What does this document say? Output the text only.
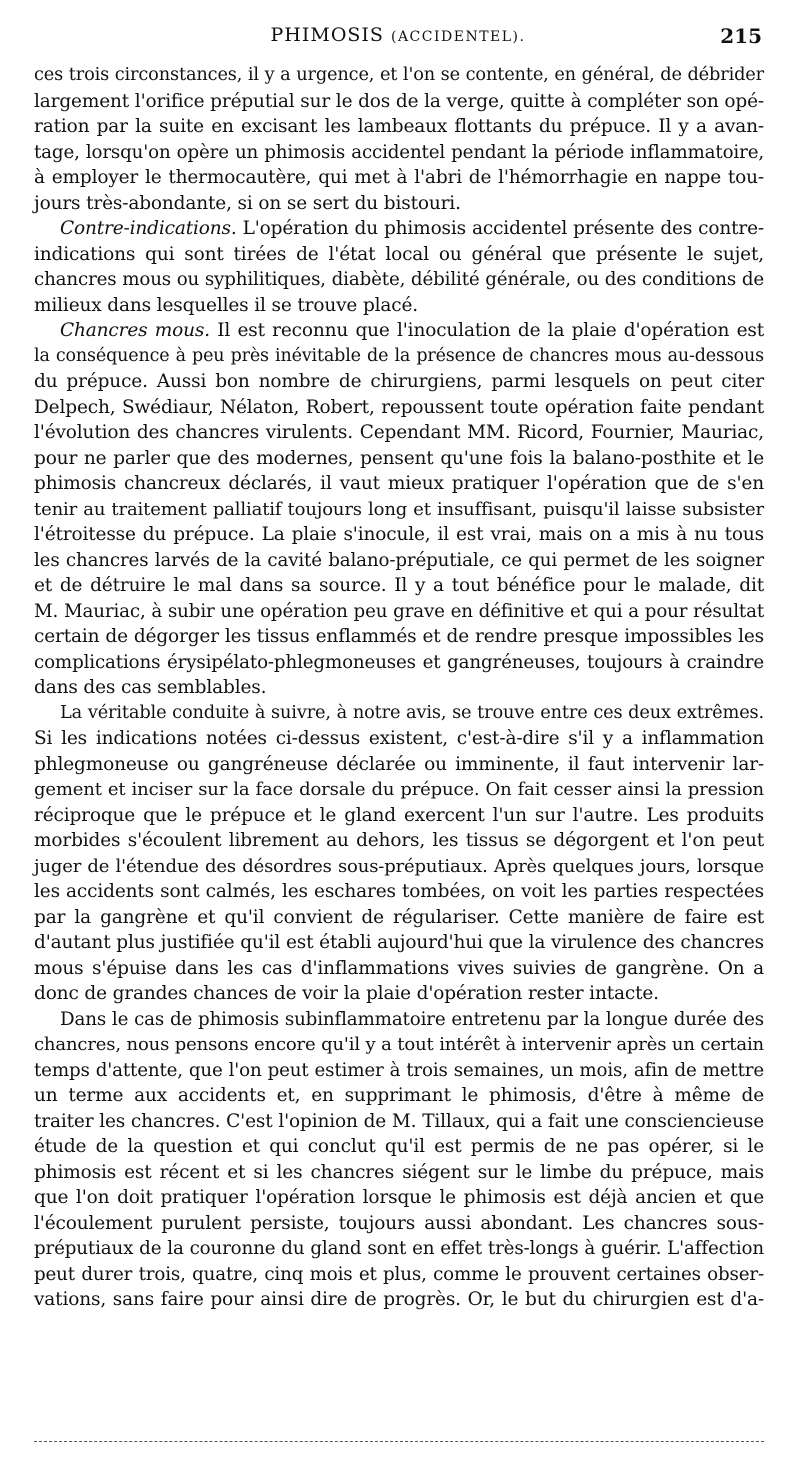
PHIMOSIS (ACCIDENTEL).	215
ces trois circonstances, il y a urgence, et l'on se contente, en général, de débrider
largement l'orifice préputial sur le dos de la verge, quitte à compléter son opé-
ration par la suite en excisant les lambeaux flottants du prépuce. Il y a avan-
tage, lorsqu'on opère un phimosis accidentel pendant la période inflammatoire,
à employer le thermocautère, qui met à l'abri de l'hémorrhagie en nappe tou-
jours très-abondante, si on se sert du bistouri.
Contre-indications. L'opération du phimosis accidentel présente des contre-
indications qui sont tirées de l'état local ou général que présente le sujet,
chancres mous ou syphilitiques, diabète, débilité générale, ou des conditions de
milieux dans lesquelles il se trouve placé.
Chancres mous. Il est reconnu que l'inoculation de la plaie d'opération est
la conséquence à peu près inévitable de la présence de chancres mous au-dessous
du prépuce. Aussi bon nombre de chirurgiens, parmi lesquels on peut citer
Delpech, Swédiaur, Nélaton, Robert, repoussent toute opération faite pendant
l'évolution des chancres virulents. Cependant MM. Ricord, Fournier, Mauriac,
pour ne parler que des modernes, pensent qu'une fois la balano-posthite et le
phimosis chancreux déclarés, il vaut mieux pratiquer l'opération que de s'en
tenir au traitement palliatif toujours long et insuffisant, puisqu'il laisse subsister
l'étroitesse du prépuce. La plaie s'inocule, il est vrai, mais on a mis à nu tous
les chancres larvés de la cavité balano-préputiale, ce qui permet de les soigner
et de détruire le mal dans sa source. Il y a tout bénéfice pour le malade, dit
M. Mauriac, à subir une opération peu grave en définitive et qui a pour résultat
certain de dégorger les tissus enflammés et de rendre presque impossibles les
complications érysipélato-phlegmoneuses et gangréneuses, toujours à craindre
dans des cas semblables.
La véritable conduite à suivre, à notre avis, se trouve entre ces deux extrêmes.
Si les indications notées ci-dessus existent, c'est-à-dire s'il y a inflammation
phlegmoneuse ou gangréneuse déclarée ou imminente, il faut intervenir lar-
gement et inciser sur la face dorsale du prépuce. On fait cesser ainsi la pression
réciproque que le prépuce et le gland exercent l'un sur l'autre. Les produits
morbides s'écoulent librement au dehors, les tissus se dégorgent et l'on peut
juger de l'étendue des désordres sous-préputiaux. Après quelques jours, lorsque
les accidents sont calmés, les eschares tombées, on voit les parties respectées
par la gangrène et qu'il convient de régulariser. Cette manière de faire est
d'autant plus justifiée qu'il est établi aujourd'hui que la virulence des chancres
mous s'épuise dans les cas d'inflammations vives suivies de gangrène. On a
donc de grandes chances de voir la plaie d'opération rester intacte.
Dans le cas de phimosis subinflammatoire entretenu par la longue durée des
chancres, nous pensons encore qu'il y a tout intérêt à intervenir après un certain
temps d'attente, que l'on peut estimer à trois semaines, un mois, afin de mettre
un terme aux accidents et, en supprimant le phimosis, d'être à même de
traiter les chancres. C'est l'opinion de M. Tillaux, qui a fait une consciencieuse
étude de la question et qui conclut qu'il est permis de ne pas opérer, si le
phimosis est récent et si les chancres siégent sur le limbe du prépuce, mais
que l'on doit pratiquer l'opération lorsque le phimosis est déjà ancien et que
l'écoulement purulent persiste, toujours aussi abondant. Les chancres sous-
préputiaux de la couronne du gland sont en effet très-longs à guérir. L'affection
peut durer trois, quatre, cinq mois et plus, comme le prouvent certaines obser-
vations, sans faire pour ainsi dire de progrès. Or, le but du chirurgien est d'a-
